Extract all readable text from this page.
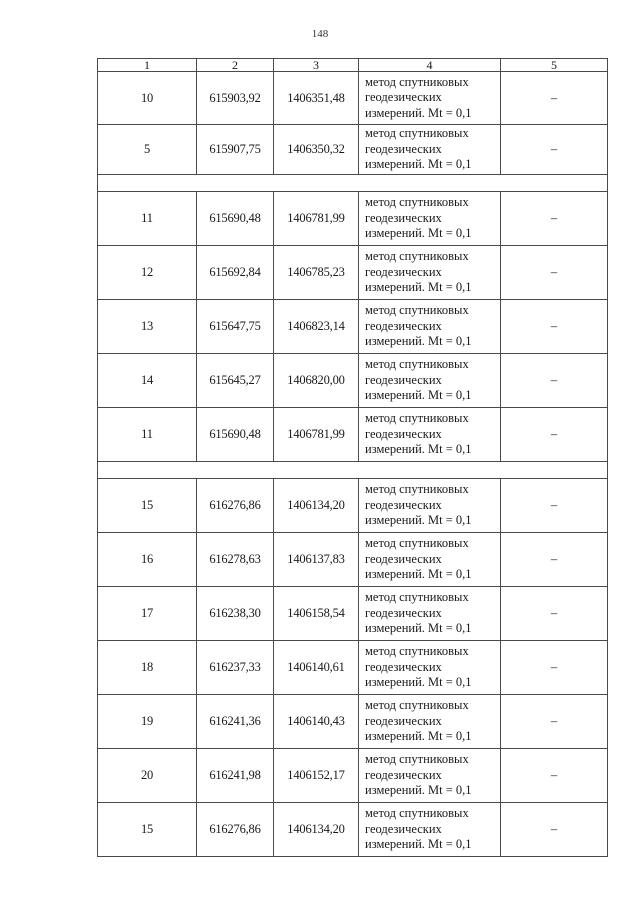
148
1	2	3	4	5
10	615903,92	1406351,48	метод спутниковых
геодезических
измерений. Mt = 0,1	–
5	615907,75	1406350,32	метод спутниковых
геодезических
измерений. Mt = 0,1	–

11	615690,48	1406781,99	метод спутниковых
геодезических
измерений. Mt = 0,1	–
12	615692,84	1406785,23	метод спутниковых
геодезических
измерений. Mt = 0,1	–
13	615647,75	1406823,14	метод спутниковых
геодезических
измерений. Mt = 0,1	–
14	615645,27	1406820,00	метод спутниковых
геодезических
измерений. Mt = 0,1	–
11	615690,48	1406781,99	метод спутниковых
геодезических
измерений. Mt = 0,1	–

15	616276,86	1406134,20	метод спутниковых
геодезических
измерений. Mt = 0,1	–
16	616278,63	1406137,83	метод спутниковых
геодезических
измерений. Mt = 0,1	–
17	616238,30	1406158,54	метод спутниковых
геодезических
измерений. Mt = 0,1	–
18	616237,33	1406140,61	метод спутниковых
геодезических
измерений. Mt = 0,1	–
19	616241,36	1406140,43	метод спутниковых
геодезических
измерений. Mt = 0,1	–
20	616241,98	1406152,17	метод спутниковых
геодезических
измерений. Mt = 0,1	–
15	616276,86	1406134,20	метод спутниковых
геодезических
измерений. Mt = 0,1	–
